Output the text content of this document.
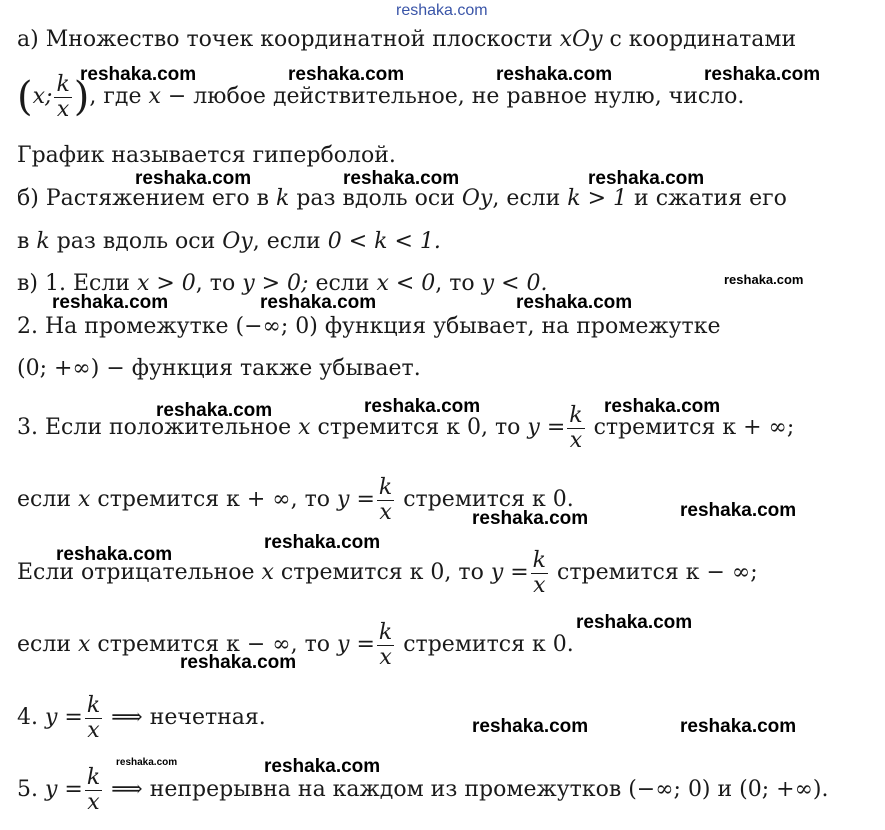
reshaka.com
а) Множество точек координатной плоскости xOy с координатами
(x; $\frac{k}{x}$ ), где x − любое действительное, не равное нулю, число.
График называется гиперболой.
б) Растяжением его в k раз вдоль оси Oy, если k > 1 и сжатия его
в k раз вдоль оси Oy, если 0 < k < 1.
в) 1. Если x > 0, то y > 0; если x < 0, то y < 0.
2. На промежутке (−∞; 0) функция убывает, на промежутке
(0; +∞) − функция также убывает.
3. Если положительное x стремится к 0, то $y = \frac{k}{x}$ стремится к + ∞;
если x стремится к + ∞, то $y = \frac{k}{x}$ стремится к 0.
Если отрицательное x стремится к 0, то $y = \frac{k}{x}$ стремится к − ∞;
если x стремится к − ∞, то $y = \frac{k}{x}$ стремится к 0.
4. $y = \frac{k}{x}$ ⟹ нечетная.
5. $y = \frac{k}{x}$ ⟹ непрерывна на каждом из промежутков (−∞; 0) и (0; +∞).
reshaka.com	reshaka.com	reshaka.com	reshaka.com
reshaka.com	reshaka.com	reshaka.com
reshaka.com
reshaka.com	reshaka.com	reshaka.com
reshaka.com	reshaka.com	reshaka.com
reshaka.com
reshaka.com
reshaka.com
reshaka.com
reshaka.com
reshaka.com
reshaka.com	reshaka.com
reshaka.com	reshaka.com
